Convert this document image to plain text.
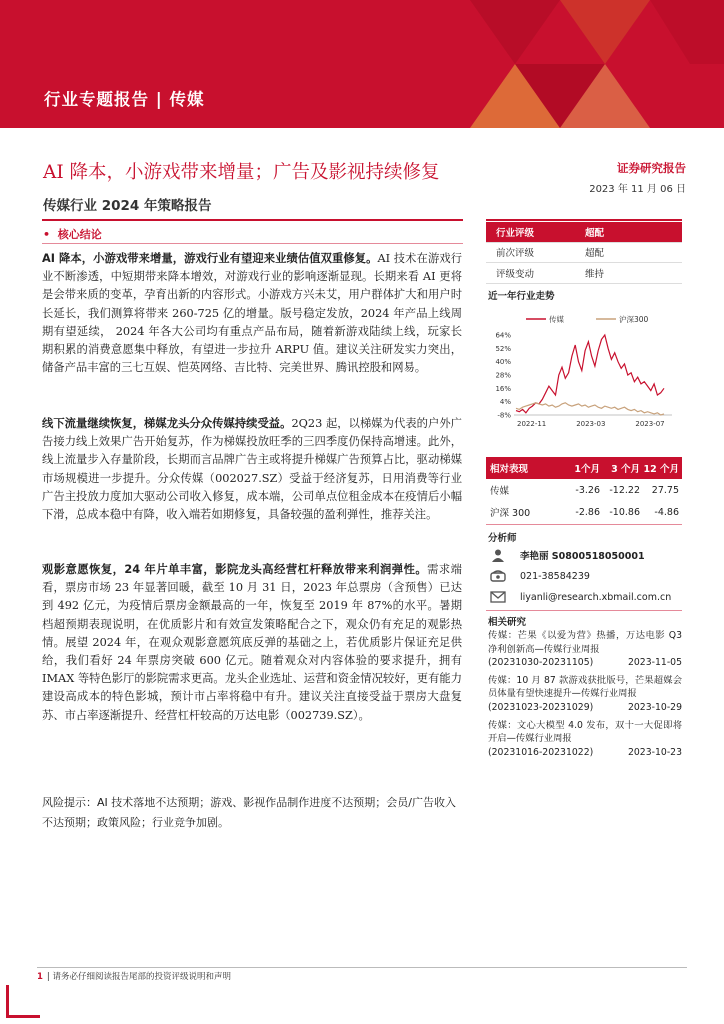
行业专题报告 | 传媒
AI 降本，小游戏带来增量；广告及影视持续修复	证券研究报告
2023 年 11 月 06 日
传媒行业 2024 年策略报告
•  核心结论
AI 降本，小游戏带来增量，游戏行业有望迎来业绩估值双重修复。AI 技术在游戏行业不断渗透，中短期带来降本增效，对游戏行业的影响逐渐显现。长期来看 AI 更将是会带来质的变革，孕育出新的内容形式。小游戏方兴未艾，用户群体扩大和用户时长延长，我们测算将带来 260-725 亿的增量。版号稳定发放，2024 年产品上线周期有望延续， 2024 年各大公司均有重点产品布局，随着新游戏陆续上线，玩家长期积累的消费意愿集中释放，有望进一步拉升 ARPU 值。建议关注研发实力突出，储备产品丰富的三七互娱、恺英网络、吉比特、完美世界、腾讯控股和网易。
线下流量继续恢复，梯媒龙头分众传媒持续受益。2Q23 起，以梯媒为代表的户外广告接力线上效果广告开始复苏，作为梯媒投放旺季的三四季度仍保持高增速。此外，线上流量步入存量阶段，长期而言品牌广告主或将提升梯媒广告预算占比，驱动梯媒市场规模进一步提升。分众传媒（002027.SZ）受益于经济复苏，日用消费等行业广告主投放力度加大驱动公司收入修复，成本端，公司单点位租金成本在疫情后小幅下滑，总成本稳中有降，收入端若如期修复，具备较强的盈利弹性，推荐关注。
观影意愿恢复，24 年片单丰富，影院龙头高经营杠杆释放带来利润弹性。需求端看，票房市场 23 年显著回暖，截至 10 月 31 日，2023 年总票房（含预售）已达到 492 亿元，为疫情后票房金额最高的一年，恢复至 2019 年 87%的水平。暑期档超预期表现说明，在优质影片和有效宣发策略配合之下，观众仍有充足的观影热情。展望 2024 年，在观众观影意愿筑底反弹的基础之上，若优质影片保证充足供给，我们看好 24 年票房突破 600 亿元。随着观众对内容体验的要求提升，拥有 IMAX 等特色影厅的影院需求更高。龙头企业选址、运营和资金情况较好，更有能力建设高成本的特色影城，预计市占率将稳中有升。建议关注直接受益于票房大盘复苏、市占率逐渐提升、经营杠杆较高的万达电影（002739.SZ）。
风险提示：AI 技术落地不达预期；游戏、影视作品制作进度不达预期；会员/广告收入不达预期；政策风险；行业竞争加剧。
行业评级	超配
前次评级	超配
评级变动	维持
近一年行业走势
传媒	沪深300
64%
52%
40%
28%
16%
4%
-8%
2022-11	2023-03	2023-07
相对表现	1个月	3 个月 12 个月
传媒	-3.26 -12.22	27.75
沪深 300	-2.86 -10.86	-4.86
分析师
李艳丽 S0800518050001
021-38584239
liyanli@research.xbmail.com.cn
相关研究
传媒：芒果《以爱为营》热播，万达电影 Q3 净利创新高—传媒行业周报
(20231030-20231105)	2023-11-05
传媒：10 月 87 款游戏获批版号，芒果超媒会员体量有望快速提升—传媒行业周报
(20231023-20231029)	2023-10-29
传媒：文心大模型 4.0 发布，双十一大促即将开启—传媒行业周报
(20231016-20231022)	2023-10-23
1 | 请务必仔细阅读报告尾部的投资评级说明和声明
